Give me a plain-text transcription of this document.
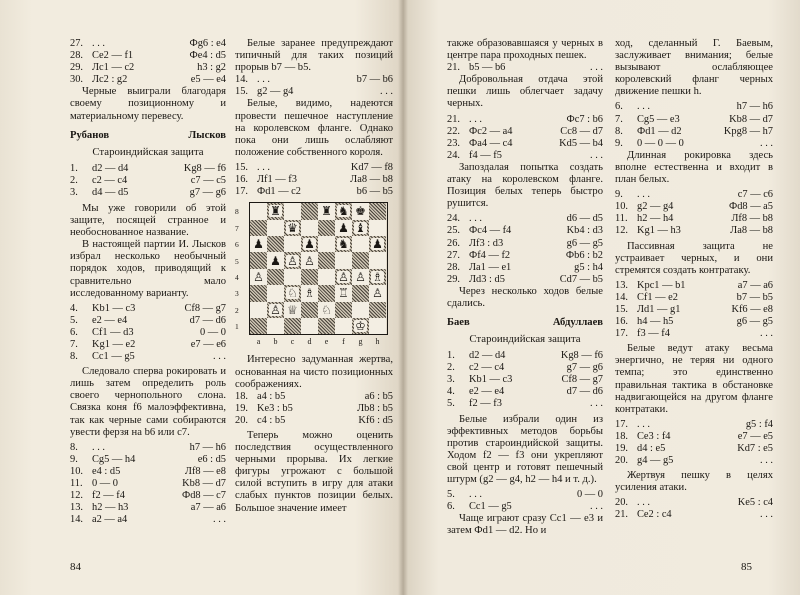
27. . . .	Фg6 : e4
28. Се2 — f1	Фе4 : d5
29. Лс1 — с2	h3 : g2
30. Лс2 : g2	е5 — е4

Черные выиграли благодаря своему позиционному и материальному перевесу.

Рубанов	Лысков
Староиндийская защита
1.	d2 — d4	Kg8 — f6
2.	c2 — c4	c7 — c5
3.	d4 — d5	g7 — g6

Мы уже говорили об этой защите, посящей странное и необоснованное название.

В настоящей партии И. Лысков избрал несколько необычный порядок ходов, приводящий к сравнительно мало исследованному варианту.

4.	Kb1 — c3	Cf8 — g7
5.	e2 — e4	d7 — d6
6.	Cf1 — d3	0 — 0
7.	Kg1 — e2	e7 — e6
8.	Cc1 — g5	. . .

Следовало сперва рокировать и лишь затем определить роль своего чернопольного слона. Связка коня f6 малоэффективна, так как черные сами собираются увести ферзя на b6 или c7.

8.	. . .	h7 — h6
9.	Cg5 — h4	e6 : d5
10. e4 : d5	Лf8 — e8
11. 0 — 0	Kb8 — d7
12. f2 — f4	Фd8 — c7
13. h2 — h3	a7 — a6
14. a2 — a4	. . .

Белые заранее предупреждают типичный для таких позиций прорыв b7 — b5.

14. . . .	b7 — b6
15. g2 — g4	. . .

Белые, видимо, надеются провести пешечное наступление на королевском фланге. Однако пока они лишь ослабляют положение собственного короля.

15. . . .	Kd7 — f8
16. Лf1 — f3	Лa8 — b8
17. Фd1 — c2	b6 — b5
8
7
6
5
4
3
2
1
♜	♜ ♞ ♚
♛	♟ ♝
♟	♟ ♞ ♟
♟ ♙ ♙
♙	♙ ♙ ♗
♘ ♗ ♖ ♙
♙ ♕ ♘
♔
a	b	c	d	e	f	g	h

Интересно задуманная жертва, основанная на чисто позиционных соображениях.

18. a4 : b5	a6 : b5
19. Ke3 : b5	Лb8 : b5
20. c4 : b5	Kf6 : d5

Теперь можно оценить последствия осуществленного черными прорыва. Их легкие фигуры угрожают с большой силой вступить в игру для атаки слабых пунктов позиции белых. Большое значение имеет

84

также образовавшаяся у черных в центре пара проходных пешек.

21. b5 — b6	. . .

Добровольная отдача этой пешки лишь облегчает задачу черных.

21. . . .	Фc7 : b6
22. Фc2 — a4	Cc8 — d7
23. Фa4 — c4	Kd5 — b4
24. f4 — f5	. . .

Запоздалая попытка создать атаку на королевском фланге. Позиция белых теперь быстро рушится.

24. . . .	d6 — d5
25. Фc4 — f4	Kb4 : d3
26. Лf3 : d3	g6 — g5
27. Фf4 — f2	Фb6 : b2
28. Лa1 — e1	g5 : h4
29. Лd3 : d5	Cd7 — b5

Через несколько ходов белые сдались.

Баев	Абдуллаев
Староиндийская защита
1.	d2 — d4	Kg8 — f6
2.	c2 — c4	g7 — g6
3.	Kb1 — c3	Cf8 — g7
4.	e2 — e4	d7 — d6
5.	f2 — f3	. . .

Белые избрали один из эффективных методов борьбы против староиндийской защиты. Ходом f2 — f3 они укрепляют свой центр и готовят пешечный штурм (g2 — g4, h2 — h4 и т. д.).

5.	. . .	0 — 0
6.	Cc1 — g5	. . .

Чаще играют сразу Cc1 — e3 и затем Фd1 — d2. Но и

ход, сделанный Г. Баевым, заслуживает внимания; белые вызывают ослабляющее королевский фланг черных движение пешки h.

6.	. . .	h7 — h6
7.	Cg5 — e3	Kb8 — d7
8.	Фd1 — d2	Kpg8 — h7
9.	0 — 0 — 0	. . .

Длинная рокировка здесь вполне естественна и входит в план белых.

9.	. . .	c7 — c6
10. g2 — g4	Фd8 — a5
11. h2 — h4	Лf8 — b8
12. Kg1 — h3	Лa8 — b8

Пассивная защита не устраивает черных, и они стремятся создать контратаку.

13. Kpc1 — b1	a7 — a6
14. Cf1 — e2	b7 — b5
15. Лd1 — g1	Kf6 — e8
16. h4 — h5	g6 — g5
17. f3 — f4	. . .

Белые ведут атаку весьма энергично, не теряя ни одного темпа; это единственно правильная тактика в обстановке надвигающейся на другом фланге контратаки.

17. . . .	g5 : f4
18. Ce3 : f4	e7 — e5
19. d4 : e5	Kd7 : e5
20. g4 — g5	. . .

Жертвуя пешку в целях усиления атаки.

20. . . .	Ke5 : c4
21. Ce2 : c4	. . .
85
